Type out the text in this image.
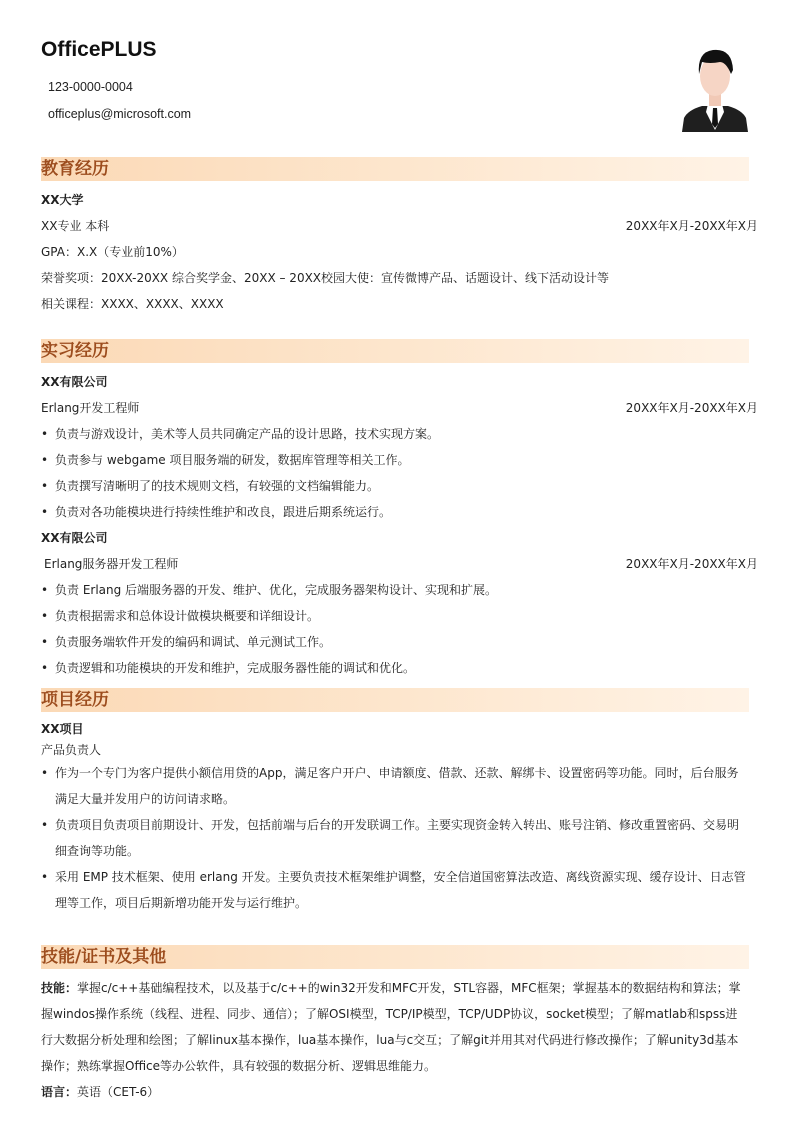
OfficePLUS
123-0000-0004
officeplus@microsoft.com
教育经历
XX大学
XX专业 本科	20XX年X月-20XX年X月
GPA：X.X（专业前10%）
荣誉奖项：20XX-20XX 综合奖学金、20XX – 20XX校园大使：宣传微博产品、话题设计、线下活动设计等
相关课程：XXXX、XXXX、XXXX
实习经历
XX有限公司
Erlang开发工程师	20XX年X月-20XX年X月
• 负责与游戏设计，美术等人员共同确定产品的设计思路，技术实现方案。
• 负责参与 webgame 项目服务端的研发，数据库管理等相关工作。
• 负责撰写清晰明了的技术规则文档，有较强的文档编辑能力。
• 负责对各功能模块进行持续性维护和改良，跟进后期系统运行。
XX有限公司
Erlang服务器开发工程师	20XX年X月-20XX年X月
• 负责 Erlang 后端服务器的开发、维护、优化，完成服务器架构设计、实现和扩展。
• 负责根据需求和总体设计做模块概要和详细设计。
• 负责服务端软件开发的编码和调试、单元测试工作。
• 负责逻辑和功能模块的开发和维护，完成服务器性能的调试和优化。
项目经历
XX项目
产品负责人
• 作为一个专门为客户提供小额信用贷的App，满足客户开户、申请额度、借款、还款、解绑卡、设置密码等功能。同时，后台服务满足大量并发用户的访问请求略。
• 负责项目负责项目前期设计、开发，包括前端与后台的开发联调工作。主要实现资金转入转出、账号注销、修改重置密码、交易明细查询等功能。
• 采用 EMP 技术框架、使用 erlang 开发。主要负责技术框架维护调整，安全信道国密算法改造、离线资源实现、缓存设计、日志管理等工作，项目后期新增功能开发与运行维护。
技能/证书及其他
技能：掌握c/c++基础编程技术，以及基于c/c++的win32开发和MFC开发，STL容器，MFC框架；掌握基本的数据结构和算法；掌握windos操作系统（线程、进程、同步、通信）；了解OSI模型，TCP/IP模型，TCP/UDP协议，socket模型；了解matlab和spss进行大数据分析处理和绘图；了解linux基本操作，lua基本操作，lua与c交互；了解git并用其对代码进行修改操作；了解unity3d基本操作；熟练掌握Office等办公软件，具有较强的数据分析、逻辑思维能力。
语言：英语（CET-6）
